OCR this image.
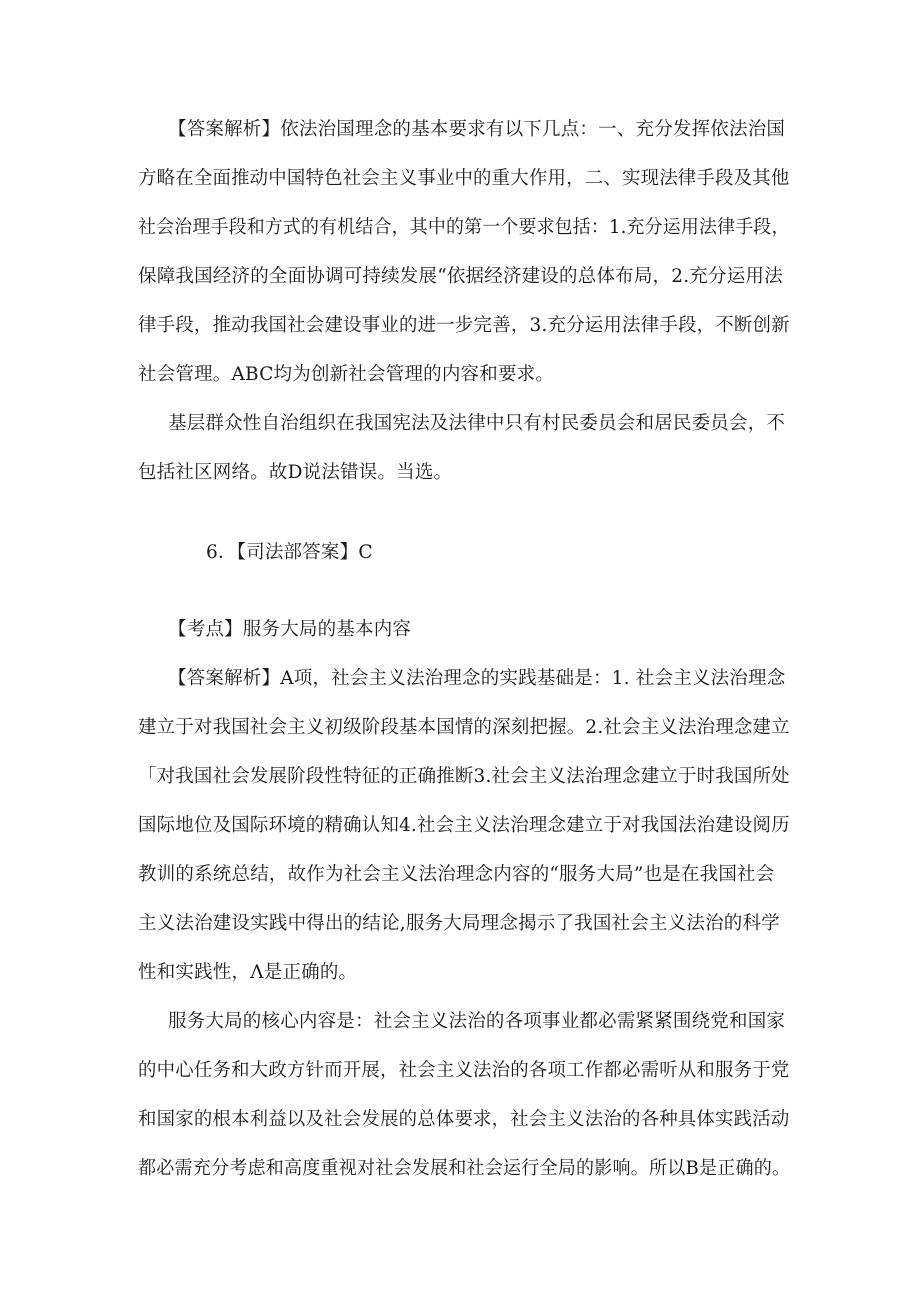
【答案解析】依法治国理念的基本要求有以下几点：一、充分发挥依法治国
方略在全面推动中国特色社会主义事业中的重大作用，二、实现法律手段及其他
社会治理手段和方式的有机结合，其中的第一个要求包括：1.充分运用法律手段，
保障我国经济的全面协调可持续发展“依据经济建设的总体布局，2.充分运用法
律手段，推动我国社会建设事业的进一步完善，3.充分运用法律手段，不断创新
社会管理。ABC均为创新社会管理的内容和要求。
基层群众性自治组织在我国宪法及法律中只有村民委员会和居民委员会，不
包括社区网络。故D说法错误。当选。
6．【司法部答案】C
【考点】服务大局的基本内容
【答案解析】A项，社会主义法治理念的实践基础是：1. 社会主义法治理念
建立于对我国社会主义初级阶段基本国情的深刻把握。2.社会主义法治理念建立
「对我国社会发展阶段性特征的正确推断3.社会主义法治理念建立于时我国所处
国际地位及国际环境的精确认知4.社会主义法治理念建立于对我国法治建设阅历
教训的系统总结，故作为社会主义法治理念内容的“服务大局”也是在我国社会
主义法治建设实践中得出的结论,服务大局理念揭示了我国社会主义法治的科学
性和实践性，Λ是正确的。
服务大局的核心内容是：社会主义法治的各项事业都必需紧紧围绕党和国家
的中心任务和大政方针而开展，社会主义法治的各项工作都必需听从和服务于党
和国家的根本利益以及社会发展的总体要求，社会主义法治的各种具体实践活动
都必需充分考虑和高度重视对社会发展和社会运行全局的影响。所以B是正确的。
